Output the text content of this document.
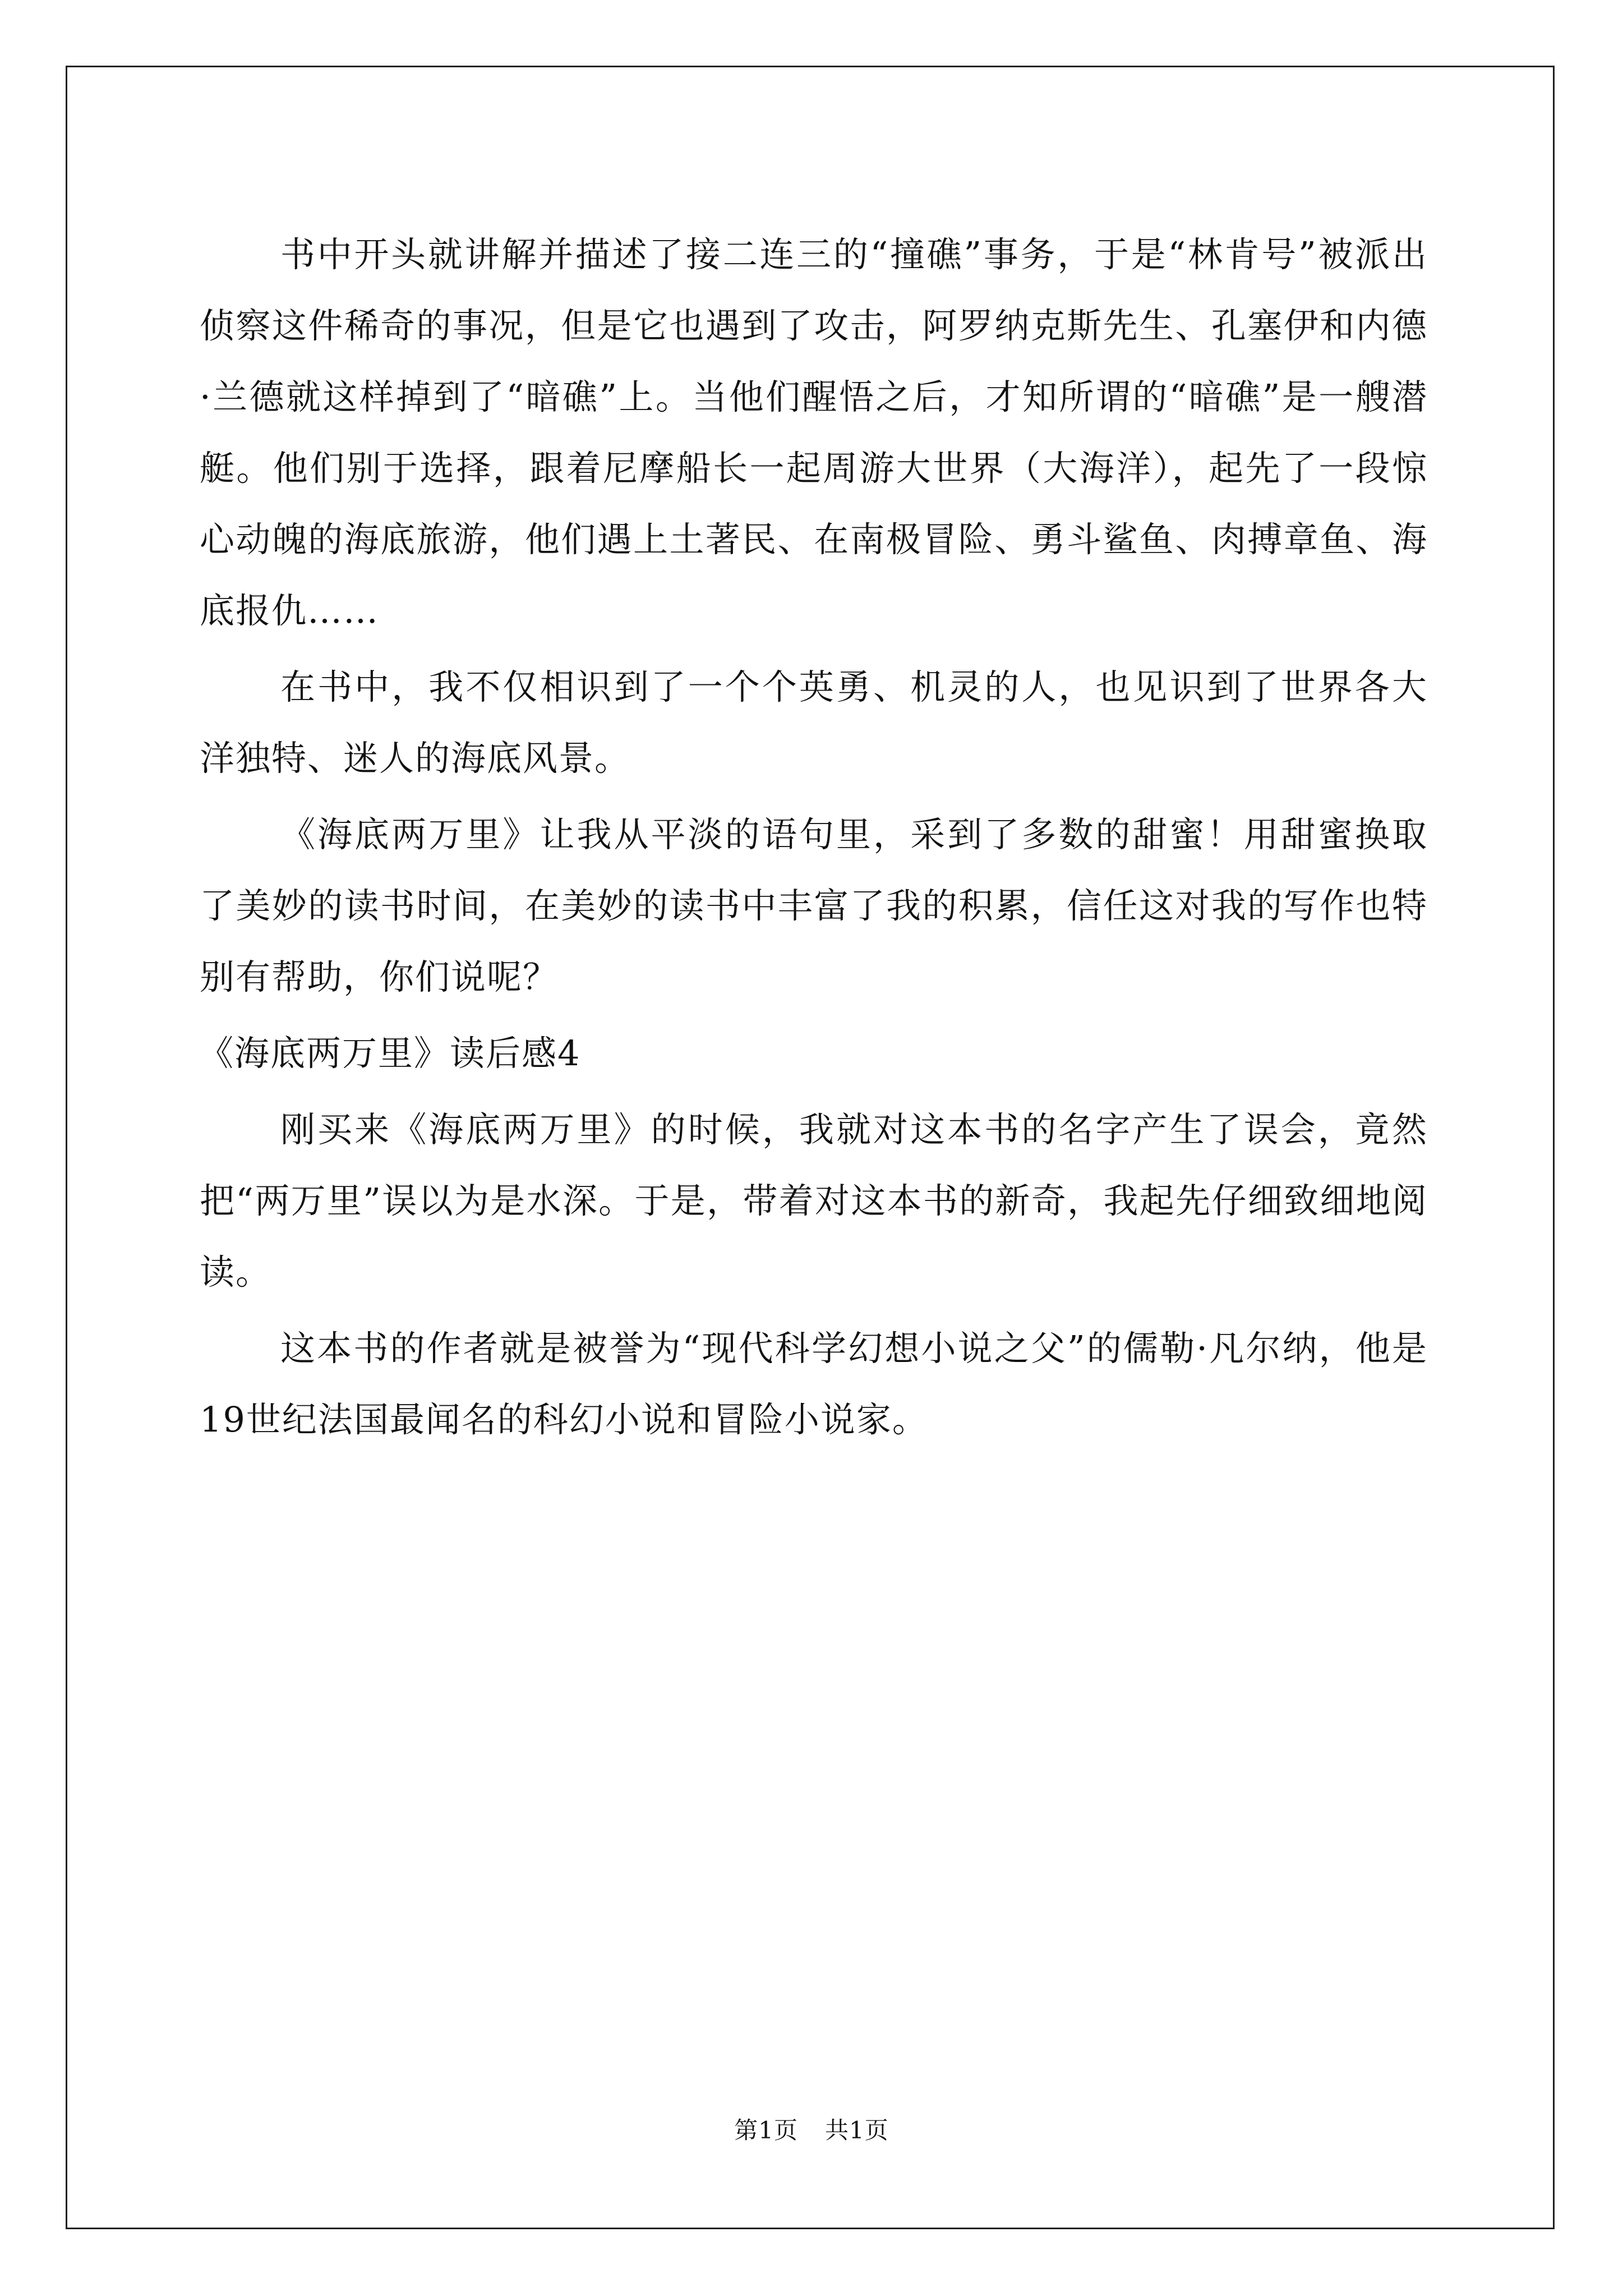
书中开头就讲解并描述了接二连三的“撞礁”事务，于是“林肯号”被派出侦察这件稀奇的事况，但是它也遇到了攻击，阿罗纳克斯先生、孔塞伊和内德·兰德就这样掉到了“暗礁”上。当他们醒悟之后，才知所谓的“暗礁”是一艘潜艇。他们别于选择，跟着尼摩船长一起周游大世界（大海洋），起先了一段惊心动魄的海底旅游，他们遇上土著民、在南极冒险、勇斗鲨鱼、肉搏章鱼、海底报仇……

在书中，我不仅相识到了一个个英勇、机灵的人，也见识到了世界各大洋独特、迷人的海底风景。

《海底两万里》让我从平淡的语句里，采到了多数的甜蜜！用甜蜜换取了美妙的读书时间，在美妙的读书中丰富了我的积累，信任这对我的写作也特别有帮助，你们说呢？

《海底两万里》读后感4

刚买来《海底两万里》的时候，我就对这本书的名字产生了误会，竟然把“两万里”误以为是水深。于是，带着对这本书的新奇，我起先仔细致细地阅读。

这本书的作者就是被誉为“现代科学幻想小说之父”的儒勒·凡尔纳，他是19世纪法国最闻名的科幻小说和冒险小说家。

第1页 共1页
